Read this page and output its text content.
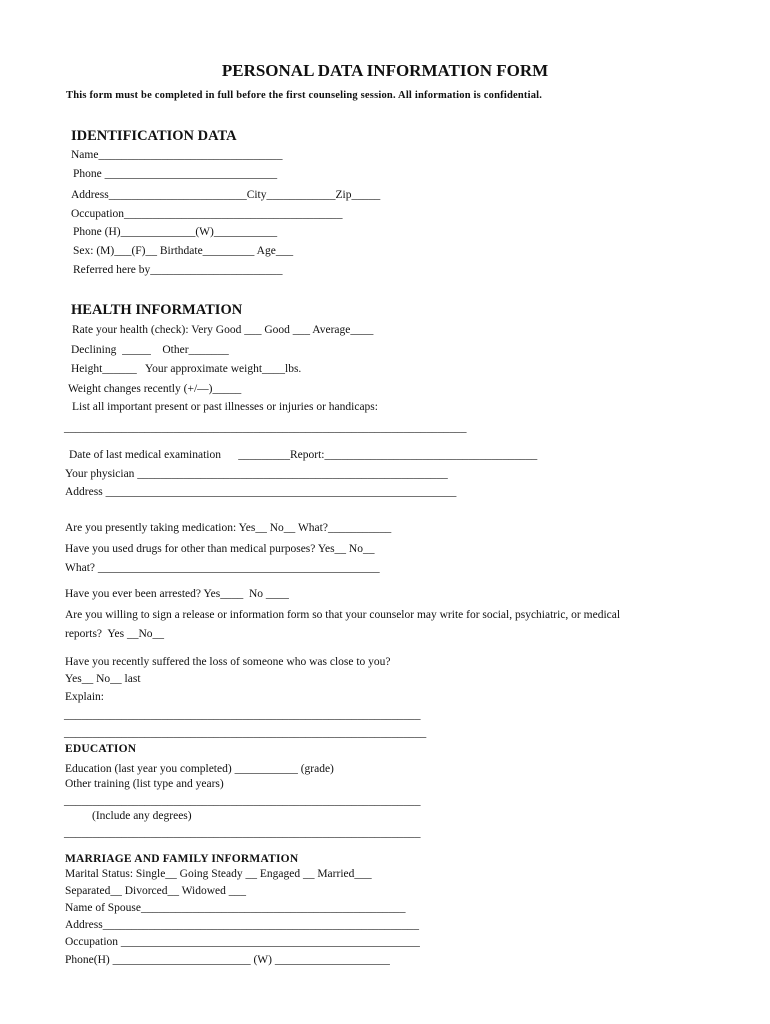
PERSONAL DATA INFORMATION FORM
This form must be completed in full before the first counseling session. All information is confidential.
IDENTIFICATION DATA
Name________________________________
Phone ______________________________
Address________________________City____________Zip_____
Occupation______________________________________
Phone (H)_____________(W)___________
Sex: (M)___(F)__ Birthdate_________ Age___
Referred here by_______________________
HEALTH INFORMATION
Rate your health (check): Very Good ___ Good ___ Average____
Declining  _____    Other_______
Height______   Your approximate weight____lbs.
Weight changes recently (+/—)_____
List all important present or past illnesses or injuries or handicaps:
______________________________________________________________________
Date of last medical examination      _________Report:_____________________________________
Your physician ______________________________________________________
Address _____________________________________________________________
Are you presently taking medication: Yes__ No__ What?___________
Have you used drugs for other than medical purposes? Yes__ No__
What? _________________________________________________
Have you ever been arrested? Yes____  No ____
Are you willing to sign a release or information form so that your counselor may write for social, psychiatric, or medical
reports?  Yes __No__
Have you recently suffered the loss of someone who was close to you?
Yes__ No__ last
Explain:
______________________________________________________________
_______________________________________________________________
EDUCATION
Education (last year you completed) ___________ (grade)
Other training (list type and years)
______________________________________________________________
(Include any degrees)
______________________________________________________________
MARRIAGE AND FAMILY INFORMATION
Marital Status: Single__ Going Steady __ Engaged __ Married___
Separated__ Divorced__ Widowed ___
Name of Spouse______________________________________________
Address_______________________________________________________
Occupation ____________________________________________________
Phone(H) ________________________ (W) ____________________
